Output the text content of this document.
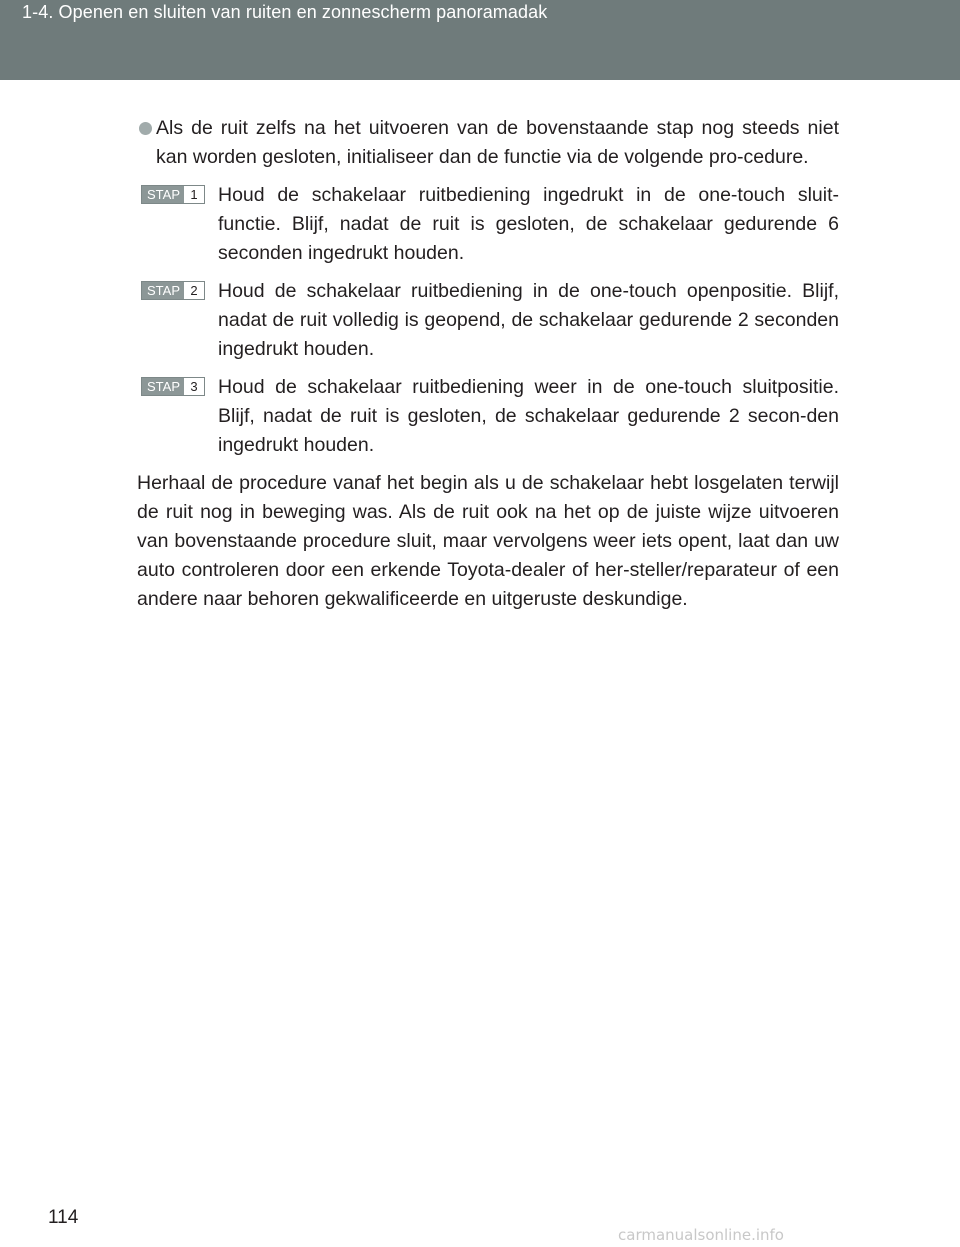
1-4. Openen en sluiten van ruiten en zonnescherm panoramadak
Als de ruit zelfs na het uitvoeren van de bovenstaande stap nog steeds niet kan worden gesloten, initialiseer dan de functie via de volgende pro-cedure.
STAP 1	Houd de schakelaar ruitbediening ingedrukt in de one-touch sluit-functie. Blijf, nadat de ruit is gesloten, de schakelaar gedurende 6 seconden ingedrukt houden.
STAP 2	Houd de schakelaar ruitbediening in de one-touch openpositie. Blijf, nadat de ruit volledig is geopend, de schakelaar gedurende 2 seconden ingedrukt houden.
STAP 3	Houd de schakelaar ruitbediening weer in de one-touch sluitpositie. Blijf, nadat de ruit is gesloten, de schakelaar gedurende 2 secon-den ingedrukt houden.
Herhaal de procedure vanaf het begin als u de schakelaar hebt losgelaten terwijl de ruit nog in beweging was. Als de ruit ook na het op de juiste wijze uitvoeren van bovenstaande procedure sluit, maar vervolgens weer iets opent, laat dan uw auto controleren door een erkende Toyota-dealer of her-steller/reparateur of een andere naar behoren gekwalificeerde en uitgeruste deskundige.
114
carmanualsonline.info
